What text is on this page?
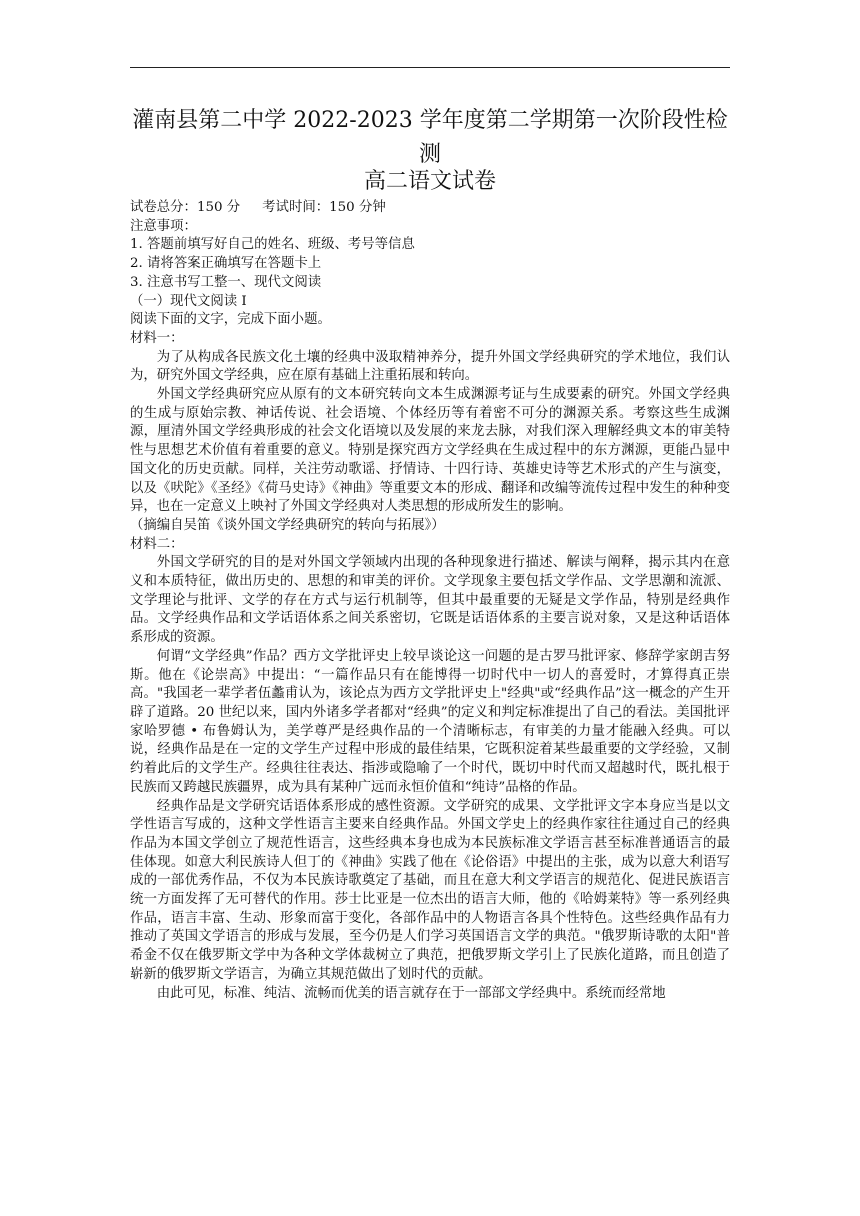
灌南县第二中学 2022-2023 学年度第二学期第一次阶段性检测
高二语文试卷

试卷总分：150 分 考试时间：150 分钟

注意事项：

1. 答题前填写好自己的姓名、班级、考号等信息

2. 请将答案正确填写在答题卡上

3. 注意书写工整一、现代文阅读

（一）现代文阅读 I

阅读下面的文字，完成下面小题。

材料一：

为了从构成各民族文化土壤的经典中汲取精神养分，提升外国文学经典研究的学术地位，我们认为，研究外国文学经典，应在原有基础上注重拓展和转向。

外国文学经典研究应从原有的文本研究转向文本生成渊源考证与生成要素的研究。外国文学经典的生成与原始宗教、神话传说、社会语境、个体经历等有着密不可分的渊源关系。考察这些生成渊源，厘清外国文学经典形成的社会文化语境以及发展的来龙去脉，对我们深入理解经典文本的审美特性与思想艺术价值有着重要的意义。特别是探究西方文学经典在生成过程中的东方渊源，更能凸显中国文化的历史贡献。同样，关注劳动歌谣、抒情诗、十四行诗、英雄史诗等艺术形式的产生与演变，以及《吠陀》《圣经》《荷马史诗》《神曲》等重要文本的形成、翻译和改编等流传过程中发生的种种变异，也在一定意义上映衬了外国文学经典对人类思想的形成所发生的影响。

（摘编自吴笛《谈外国文学经典研究的转向与拓展》）

材料二：

外国文学研究的目的是对外国文学领域内出现的各种现象进行描述、解读与阐释，揭示其内在意义和本质特征，做出历史的、思想的和审美的评价。文学现象主要包括文学作品、文学思潮和流派、文学理论与批评、文学的存在方式与运行机制等，但其中最重要的无疑是文学作品，特别是经典作品。文学经典作品和文学话语体系之间关系密切，它既是话语体系的主要言说对象，又是这种话语体系形成的资源。

何谓“文学经典”作品？西方文学批评史上较早谈论这一问题的是古罗马批评家、修辞学家朗吉努斯。他在《论崇高》中提出：“一篇作品只有在能博得一切时代中一切人的喜爱时，才算得真正崇高。"我国老一辈学者伍蠡甫认为，该论点为西方文学批评史上"经典"或“经典作品”这一概念的产生开辟了道路。20 世纪以来，国内外诸多学者都对“经典”的定义和判定标准提出了自己的看法。美国批评家哈罗德 • 布鲁姆认为，美学尊严是经典作品的一个清晰标志，有审美的力量才能融入经典。可以说，经典作品是在一定的文学生产过程中形成的最佳结果，它既积淀着某些最重要的文学经验，又制约着此后的文学生产。经典往往表达、指涉或隐喻了一个时代，既切中时代而又超越时代，既扎根于民族而又跨越民族疆界，成为具有某种广远而永恒价值和“纯诗”品格的作品。

经典作品是文学研究话语体系形成的感性资源。文学研究的成果、文学批评文字本身应当是以文学性语言写成的，这种文学性语言主要来自经典作品。外国文学史上的经典作家往往通过自己的经典作品为本国文学创立了规范性语言，这些经典本身也成为本民族标准文学语言甚至标准普通语言的最佳体现。如意大利民族诗人但丁的《神曲》实践了他在《论俗语》中提出的主张，成为以意大利语写成的一部优秀作品，不仅为本民族诗歌奠定了基础，而且在意大利文学语言的规范化、促进民族语言统一方面发挥了无可替代的作用。莎士比亚是一位杰出的语言大师，他的《哈姆莱特》等一系列经典作品，语言丰富、生动、形象而富于变化，各部作品中的人物语言各具个性特色。这些经典作品有力推动了英国文学语言的形成与发展，至今仍是人们学习英国语言文学的典范。"俄罗斯诗歌的太阳"普希金不仅在俄罗斯文学中为各种文学体裁树立了典范，把俄罗斯文学引上了民族化道路，而且创造了崭新的俄罗斯文学语言，为确立其规范做出了划时代的贡献。

由此可见，标准、纯洁、流畅而优美的语言就存在于一部部文学经典中。系统而经常地
